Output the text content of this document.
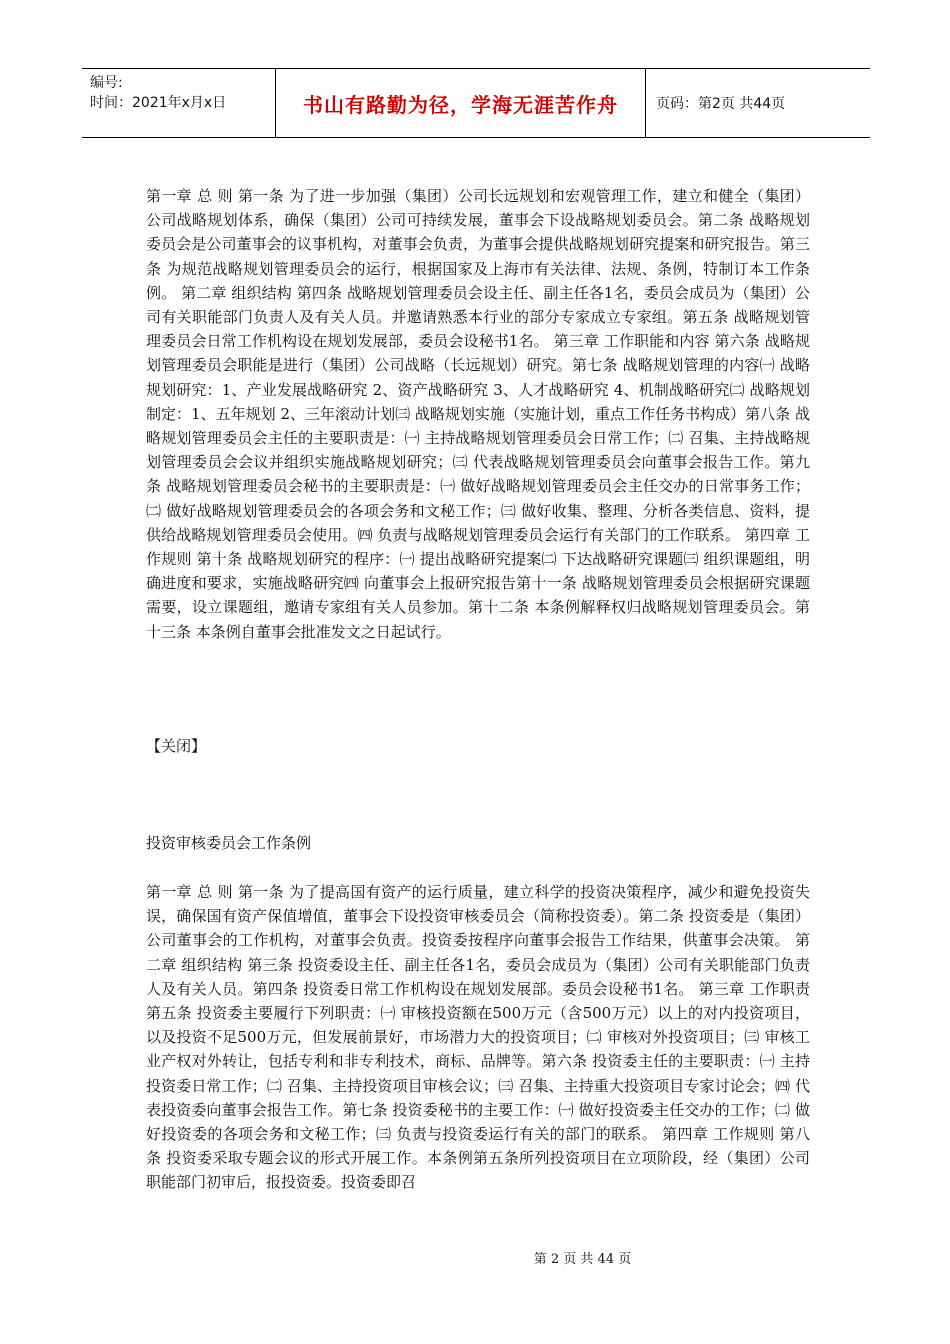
编号:
时间：2021年x月x日	书山有路勤为径，学海无涯苦作舟	页码：第2页 共44页

第一章 总 则 第一条 为了进一步加强（集团）公司长远规划和宏观管理工作，建立和健全（集团）公司战略规划体系，确保（集团）公司可持续发展，董事会下设战略规划委员会。第二条 战略规划委员会是公司董事会的议事机构，对董事会负责，为董事会提供战略规划研究提案和研究报告。第三条 为规范战略规划管理委员会的运行，根据国家及上海市有关法律、法规、条例，特制订本工作条例。 第二章 组织结构 第四条 战略规划管理委员会设主任、副主任各1名，委员会成员为（集团）公司有关职能部门负责人及有关人员。并邀请熟悉本行业的部分专家成立专家组。第五条 战略规划管理委员会日常工作机构设在规划发展部，委员会设秘书1名。 第三章 工作职能和内容 第六条 战略规划管理委员会职能是进行（集团）公司战略（长远规划）研究。第七条 战略规划管理的内容㈠ 战略规划研究：1、产业发展战略研究 2、资产战略研究 3、人才战略研究 4、机制战略研究㈡ 战略规划制定：1、五年规划 2、三年滚动计划㈢ 战略规划实施（实施计划，重点工作任务书构成）第八条 战略规划管理委员会主任的主要职责是：㈠ 主持战略规划管理委员会日常工作；㈡ 召集、主持战略规划管理委员会会议并组织实施战略规划研究；㈢ 代表战略规划管理委员会向董事会报告工作。第九条 战略规划管理委员会秘书的主要职责是：㈠ 做好战略规划管理委员会主任交办的日常事务工作；㈡ 做好战略规划管理委员会的各项会务和文秘工作；㈢ 做好收集、整理、分析各类信息、资料，提供给战略规划管理委员会使用。㈣ 负责与战略规划管理委员会运行有关部门的工作联系。 第四章 工作规则 第十条 战略规划研究的程序：㈠ 提出战略研究提案㈡ 下达战略研究课题㈢ 组织课题组，明确进度和要求，实施战略研究㈣ 向董事会上报研究报告第十一条 战略规划管理委员会根据研究课题需要，设立课题组，邀请专家组有关人员参加。第十二条 本条例解释权归战略规划管理委员会。第十三条 本条例自董事会批准发文之日起试行。

【关闭】
投资审核委员会工作条例

第一章 总 则 第一条 为了提高国有资产的运行质量，建立科学的投资决策程序，减少和避免投资失误，确保国有资产保值增值，董事会下设投资审核委员会（简称投资委）。第二条 投资委是（集团）公司董事会的工作机构，对董事会负责。投资委按程序向董事会报告工作结果，供董事会决策。 第二章 组织结构 第三条 投资委设主任、副主任各1名，委员会成员为（集团）公司有关职能部门负责人及有关人员。第四条 投资委日常工作机构设在规划发展部。委员会设秘书1名。 第三章 工作职责 第五条 投资委主要履行下列职责：㈠ 审核投资额在500万元（含500万元）以上的对内投资项目，以及投资不足500万元，但发展前景好，市场潜力大的投资项目；㈡ 审核对外投资项目；㈢ 审核工业产权对外转让，包括专利和非专利技术，商标、品牌等。第六条 投资委主任的主要职责：㈠ 主持投资委日常工作；㈡ 召集、主持投资项目审核会议；㈢ 召集、主持重大投资项目专家讨论会；㈣ 代表投资委向董事会报告工作。第七条 投资委秘书的主要工作：㈠ 做好投资委主任交办的工作；㈡ 做好投资委的各项会务和文秘工作；㈢ 负责与投资委运行有关的部门的联系。 第四章 工作规则 第八条 投资委采取专题会议的形式开展工作。本条例第五条所列投资项目在立项阶段，经（集团）公司职能部门初审后，报投资委。投资委即召

第 2 页 共 44 页
